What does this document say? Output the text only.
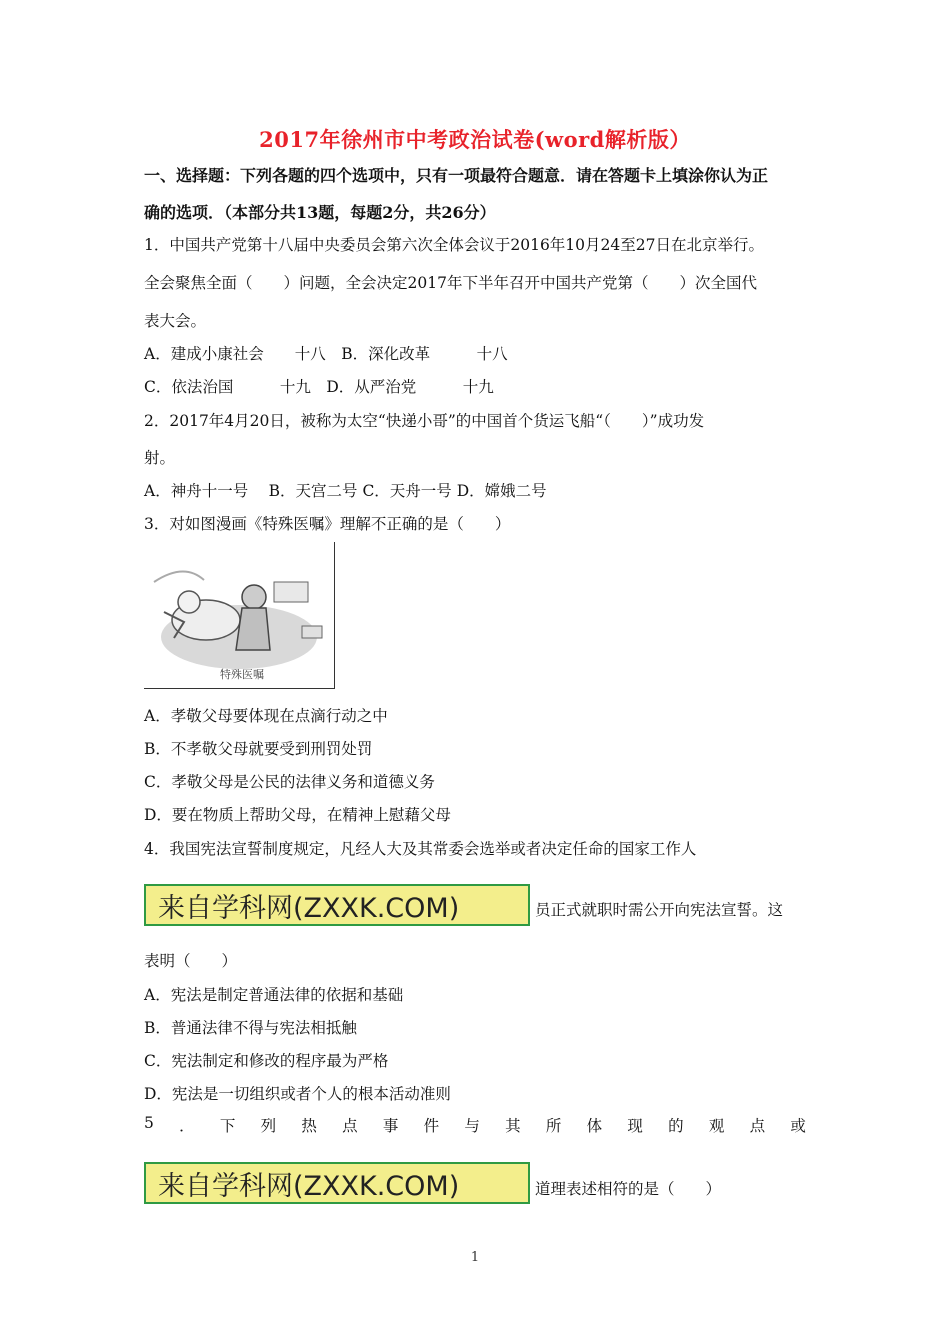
2017年徐州市中考政治试卷(word解析版）
一、选择题：下列各题的四个选项中，只有一项最符合题意．请在答题卡上填涂你认为正
确的选项．（本部分共13题，每题2分，共26分）
1．中国共产党第十八届中央委员会第六次全体会议于2016年10月24至27日在北京举行。
全会聚焦全面（　　）问题，全会决定2017年下半年召开中国共产党第（　　）次全国代
表大会。
A．建成小康社会　　十八　B．深化改革　　　十八
C．依法治国　　　十九　D．从严治党　　　十九
2．2017年4月20日，被称为太空“快递小哥”的中国首个货运飞船“（　　）”成功发
射。
A．神舟十一号　 B．天宫二号 C．天舟一号 D．嫦娥二号
3．对如图漫画《特殊医嘱》理解不正确的是（　　）
特殊医嘱
A．孝敬父母要体现在点滴行动之中
B．不孝敬父母就要受到刑罚处罚
C．孝敬父母是公民的法律义务和道德义务
D．要在物质上帮助父母，在精神上慰藉父母
4．我国宪法宣誓制度规定，凡经人大及其常委会选举或者决定任命的国家工作人
来自学科网(ZXXK.COM)	员正式就职时需公开向宪法宣誓。这
表明（　　）
A．宪法是制定普通法律的依据和基础
B．普通法律不得与宪法相抵触
C．宪法制定和修改的程序最为严格
D．宪法是一切组织或者个人的根本活动准则
5 ． 下 列 热 点 事 件 与 其 所 体 现 的 观 点 或
来自学科网(ZXXK.COM)	道理表述相符的是（　　）
1
